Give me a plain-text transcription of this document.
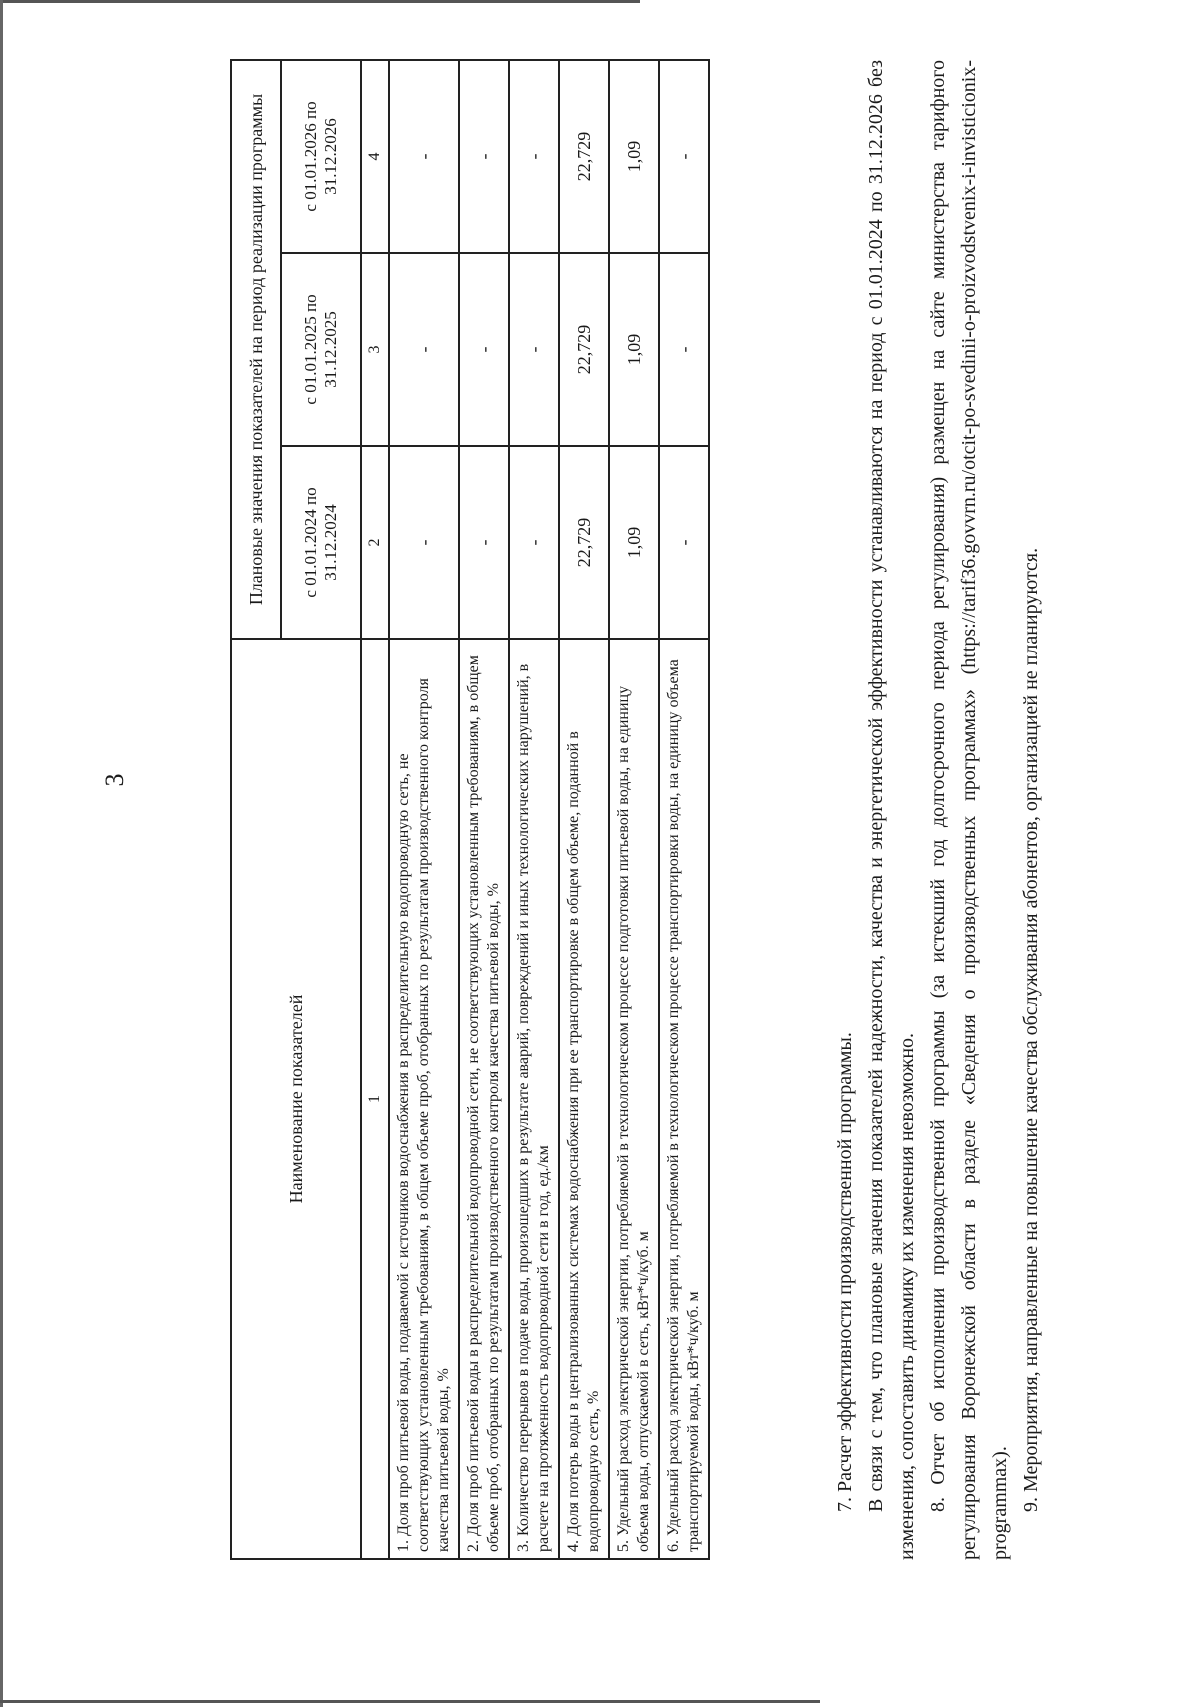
3
Наименование показателей	Плановые значения показателей на период реализации программы		
	с 01.01.2024 по 31.12.2024	с 01.01.2025 по 31.12.2025	с 01.01.2026 по 31.12.2026
1	2	3	4
1. Доля проб питьевой воды, подаваемой с источников водоснабжения в распределительную водопроводную сеть, не соответствующих установленным требованиям, в общем объеме проб, отобранных по результатам производственного контроля качества питьевой воды, %	-	-	-
2. Доля проб питьевой воды в распределительной водопроводной сети, не соответствующих установленным требованиям, в общем объеме проб, отобранных по результатам производственного контроля качества питьевой воды, %	-	-	-
3. Количество перерывов в подаче воды, произошедших в результате аварий, повреждений и иных технологических нарушений, в расчете на протяженность водопроводной сети в год, ед./км	-	-	-
4. Доля потерь воды в централизованных системах водоснабжения при ее транспортировке в общем объеме, поданной в водопроводную сеть, %	22,729	22,729	22,729
5. Удельный расход электрической энергии, потребляемой в технологическом процессе подготовки питьевой воды, на единицу объема воды, отпускаемой в сеть, кВт*ч/куб. м	1,09	1,09	1,09
6. Удельный расход электрической энергии, потребляемой в технологическом процессе транспортировки воды, на единицу объема транспортируемой воды, кВт*ч/куб. м	-	-	-

7. Расчет эффективности производственной программы. В связи с тем, что плановые значения показателей надежности, качества и энергетической эффективности устанавливаются на период с 01.01.2024 по 31.12.2026 без изменения, сопоставить динамику их изменения невозможно. 8. Отчет об исполнении производственной программы (за истекший год долгосрочного периода регулирования) размещен на сайте министерства тарифного регулирования Воронежской области в разделе «Сведения о производственных программах» (https://tarif36.govvrn.ru/otcit-po-svedinii-o-proizvodstvenix-i-invisticionix-programmax). 9. Мероприятия, направленные на повышение качества обслуживания абонентов, организацией не планируются.
